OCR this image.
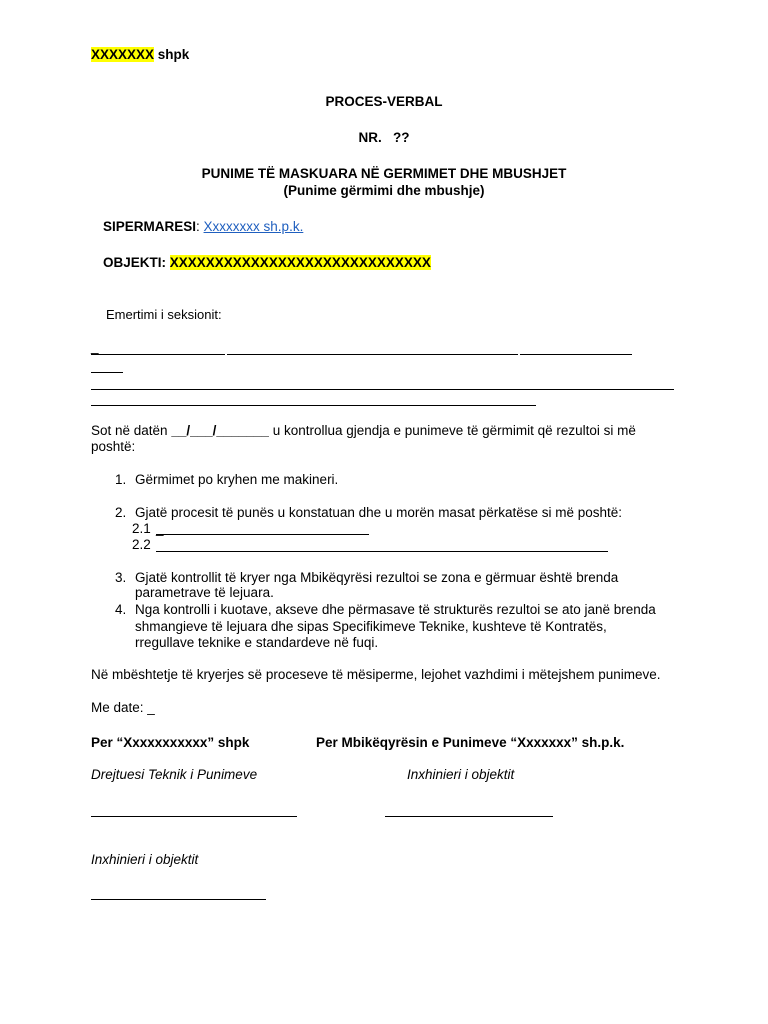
XXXXXXX shpk
PROCES-VERBAL
NR.   ??
PUNIME TË MASKUARA NË GERMIMET DHE MBUSHJET
(Punime gërmimi dhe mbushje)
SIPERMARESI: Xxxxxxxx sh.p.k.
OBJEKTI: XXXXXXXXXXXXXXXXXXXXXXXXXXXXX
Emertimi i seksionit:
_
Sot në datën __/___/_______ u kontrollua gjendja e punimeve të gërmimit që rezultoi si më
poshtë:
1. Gërmimet po kryhen me makineri.
2. Gjatë procesit të punës u konstatuan dhe u morën masat përkatëse si më poshtë:
2.1 _
2.2
3. Gjatë kontrollit të kryer nga Mbikëqyrësi rezultoi se zona e gërmuar është brenda
parametrave të lejuara.
4. Nga kontrolli i kuotave, akseve dhe përmasave të strukturës rezultoi se ato janë brenda
shmangieve të lejuara dhe sipas Specifikimeve Teknike, kushteve të Kontratës,
rregullave teknike e standardeve në fuqi.
Në mbështetje të kryerjes së proceseve të mësiperme, lejohet vazhdimi i mëtejshem punimeve.
Me date: _
Per “Xxxxxxxxxxx” shpk	Per Mbikëqyrësin e Punimeve “Xxxxxxx” sh.p.k.
Drejtuesi Teknik i Punimeve	Inxhinieri i objektit
Inxhinieri i objektit
